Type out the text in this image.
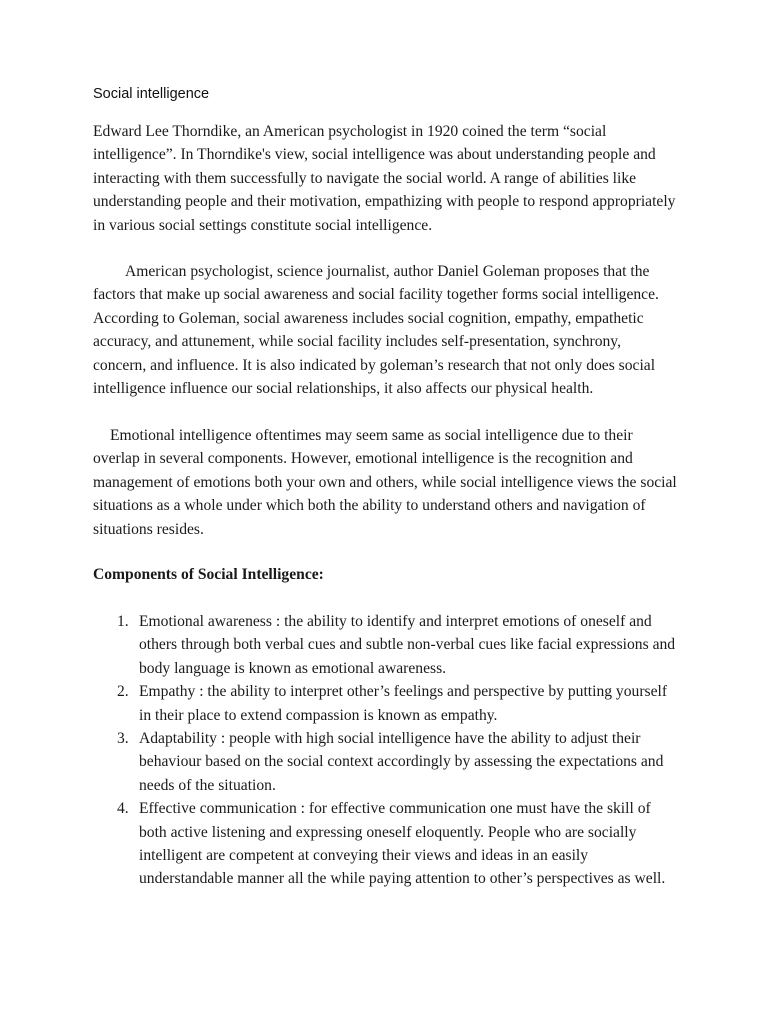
Social intelligence

Edward Lee Thorndike, an American psychologist in 1920 coined the term “social intelligence”. In Thorndike's view, social intelligence was about understanding people and interacting with them successfully to navigate the social world. A range of abilities like understanding people and their motivation, empathizing with people to respond appropriately in various social settings constitute social intelligence.

American psychologist, science journalist, author Daniel Goleman proposes that the factors that make up social awareness and social facility together forms social intelligence. According to Goleman, social awareness includes social cognition, empathy, empathetic accuracy, and attunement, while social facility includes self-presentation, synchrony, concern, and influence. It is also indicated by goleman’s research that not only does social intelligence influence our social relationships, it also affects our physical health.

Emotional intelligence oftentimes may seem same as social intelligence due to their overlap in several components. However, emotional intelligence is the recognition and management of emotions both your own and others, while social intelligence views the social situations as a whole under which both the ability to understand others and navigation of situations resides.

Components of Social Intelligence:

1. Emotional awareness : the ability to identify and interpret emotions of oneself and others through both verbal cues and subtle non-verbal cues like facial expressions and body language is known as emotional awareness.
2. Empathy : the ability to interpret other’s feelings and perspective by putting yourself in their place to extend compassion is known as empathy.
3. Adaptability : people with high social intelligence have the ability to adjust their behaviour based on the social context accordingly by assessing the expectations and needs of the situation.
4. Effective communication : for effective communication one must have the skill of both active listening and expressing oneself eloquently. People who are socially intelligent are competent at conveying their views and ideas in an easily understandable manner all the while paying attention to other’s perspectives as well.
